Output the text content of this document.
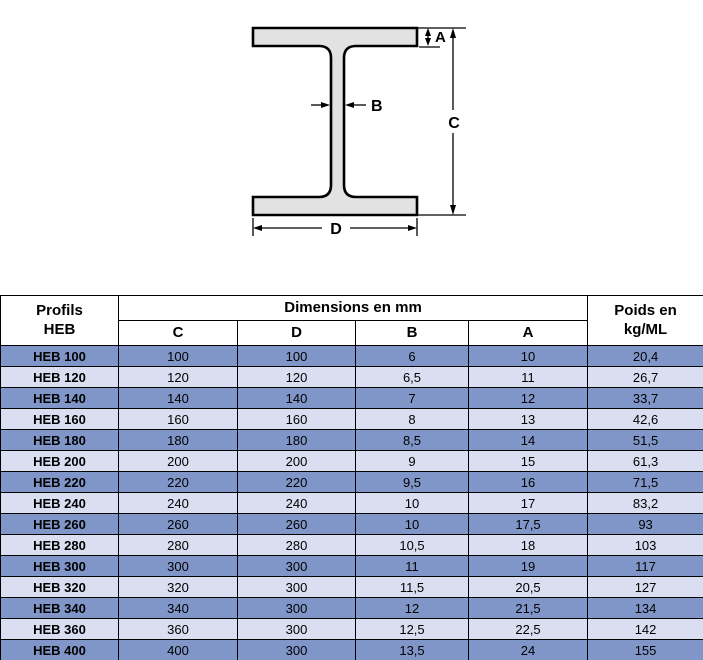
A
C
B
D
Profils
HEB
	Dimensions en mm	Poids en
kg/ML

	C	D	B	A	
HEB 100	100	100	6	10	20,4
HEB 120	120	120	6,5	11	26,7
HEB 140	140	140	7	12	33,7
HEB 160	160	160	8	13	42,6
HEB 180	180	180	8,5	14	51,5
HEB 200	200	200	9	15	61,3
HEB 220	220	220	9,5	16	71,5
HEB 240	240	240	10	17	83,2
HEB 260	260	260	10	17,5	93
HEB 280	280	280	10,5	18	103
HEB 300	300	300	11	19	117
HEB 320	320	300	11,5	20,5	127
HEB 340	340	300	12	21,5	134
HEB 360	360	300	12,5	22,5	142
HEB 400	400	300	13,5	24	155
